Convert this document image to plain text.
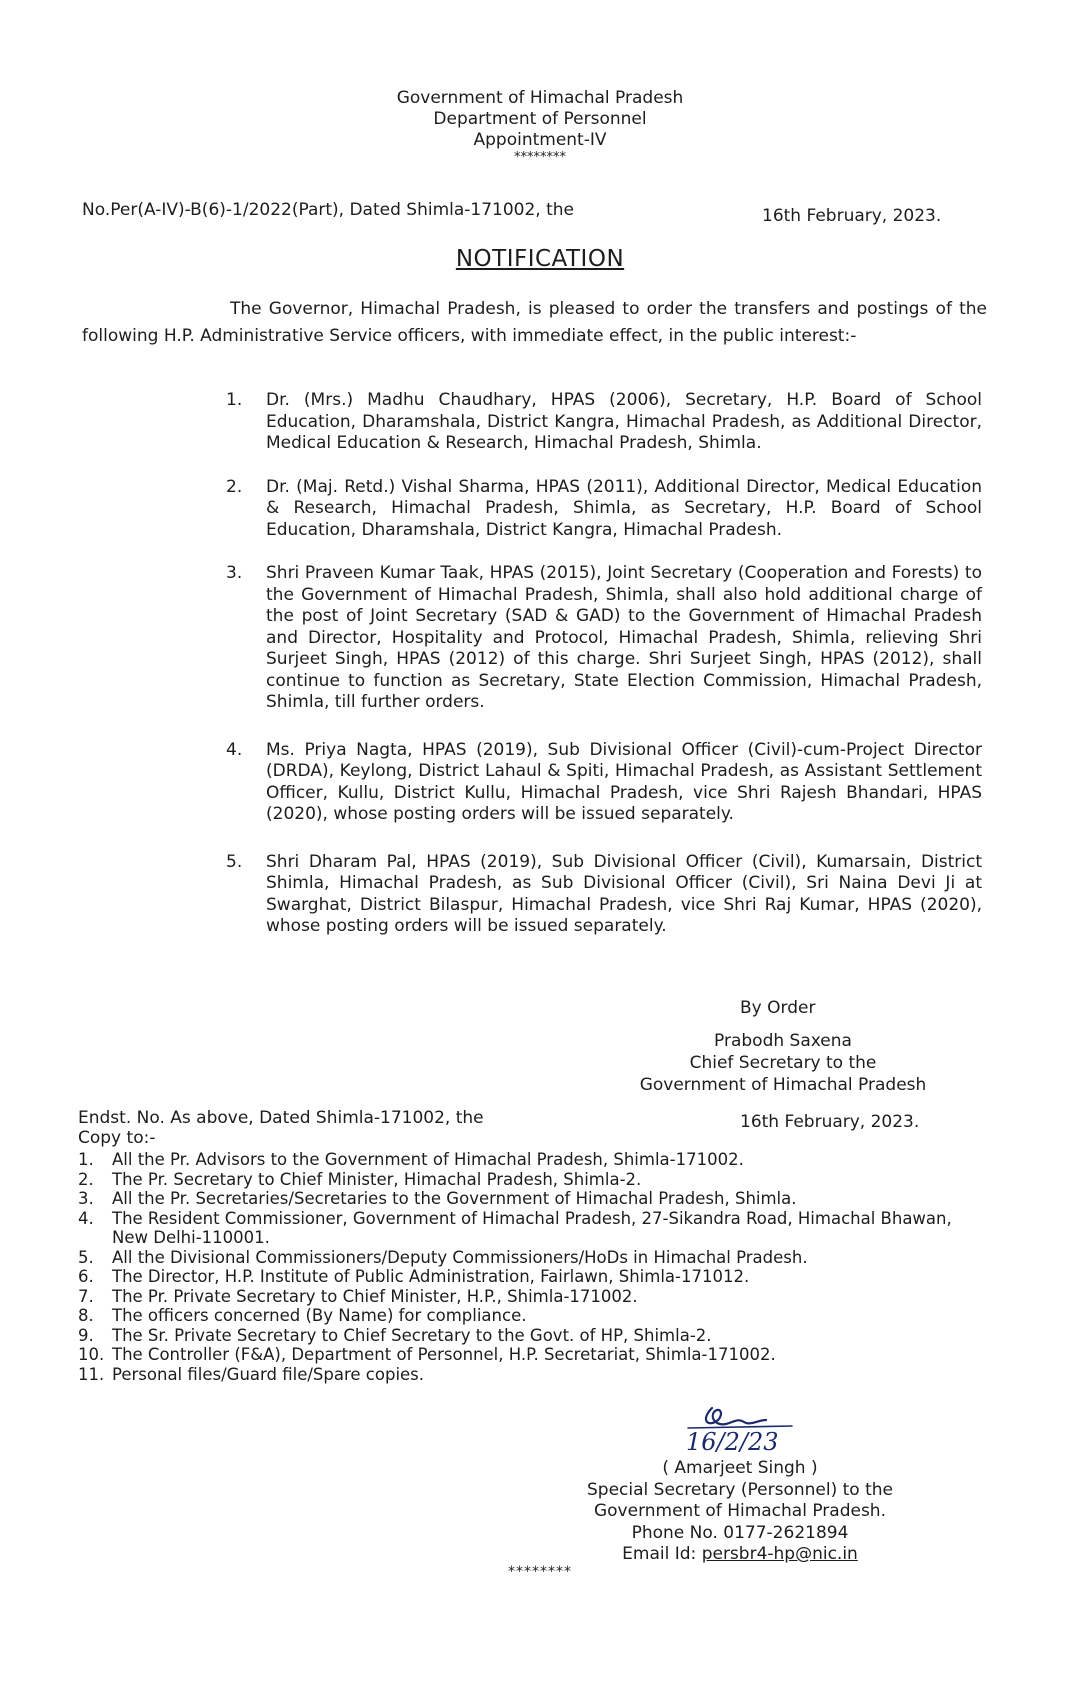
Government of Himachal Pradesh
Department of Personnel
Appointment-IV
********
No.Per(A-IV)-B(6)-1/2022(Part), Dated Shimla-171002, the	16th February, 2023.
NOTIFICATION
The Governor, Himachal Pradesh, is pleased to order the transfers and postings of the following H.P. Administrative Service officers, with immediate effect, in the public interest:-
1. Dr. (Mrs.) Madhu Chaudhary, HPAS (2006), Secretary, H.P. Board of School Education, Dharamshala, District Kangra, Himachal Pradesh, as Additional Director, Medical Education & Research, Himachal Pradesh, Shimla.
2. Dr. (Maj. Retd.) Vishal Sharma, HPAS (2011), Additional Director, Medical Education & Research, Himachal Pradesh, Shimla, as Secretary, H.P. Board of School Education, Dharamshala, District Kangra, Himachal Pradesh.
3. Shri Praveen Kumar Taak, HPAS (2015), Joint Secretary (Cooperation and Forests) to the Government of Himachal Pradesh, Shimla, shall also hold additional charge of the post of Joint Secretary (SAD & GAD) to the Government of Himachal Pradesh and Director, Hospitality and Protocol, Himachal Pradesh, Shimla, relieving Shri Surjeet Singh, HPAS (2012) of this charge. Shri Surjeet Singh, HPAS (2012), shall continue to function as Secretary, State Election Commission, Himachal Pradesh, Shimla, till further orders.
4. Ms. Priya Nagta, HPAS (2019), Sub Divisional Officer (Civil)-cum-Project Director (DRDA), Keylong, District Lahaul & Spiti, Himachal Pradesh, as Assistant Settlement Officer, Kullu, District Kullu, Himachal Pradesh, vice Shri Rajesh Bhandari, HPAS (2020), whose posting orders will be issued separately.
5. Shri Dharam Pal, HPAS (2019), Sub Divisional Officer (Civil), Kumarsain, District Shimla, Himachal Pradesh, as Sub Divisional Officer (Civil), Sri Naina Devi Ji at Swarghat, District Bilaspur, Himachal Pradesh, vice Shri Raj Kumar, HPAS (2020), whose posting orders will be issued separately.
By Order
Prabodh Saxena
Chief Secretary to the
Government of Himachal Pradesh
Endst. No. As above, Dated Shimla-171002, the	16th February, 2023.
Copy to:-
1. All the Pr. Advisors to the Government of Himachal Pradesh, Shimla-171002.
2. The Pr. Secretary to Chief Minister, Himachal Pradesh, Shimla-2.
3. All the Pr. Secretaries/Secretaries to the Government of Himachal Pradesh, Shimla.
4. The Resident Commissioner, Government of Himachal Pradesh, 27-Sikandra Road, Himachal Bhawan, New Delhi-110001.
5. All the Divisional Commissioners/Deputy Commissioners/HoDs in Himachal Pradesh.
6. The Director, H.P. Institute of Public Administration, Fairlawn, Shimla-171012.
7. The Pr. Private Secretary to Chief Minister, H.P., Shimla-171002.
8. The officers concerned (By Name) for compliance.
9. The Sr. Private Secretary to Chief Secretary to the Govt. of HP, Shimla-2.
10. The Controller (F&A), Department of Personnel, H.P. Secretariat, Shimla-171002.
11. Personal files/Guard file/Spare copies.
16/2/23
( Amarjeet Singh )
Special Secretary (Personnel) to the
Government of Himachal Pradesh.
Phone No. 0177-2621894
Email Id: persbr4-hp@nic.in
********
